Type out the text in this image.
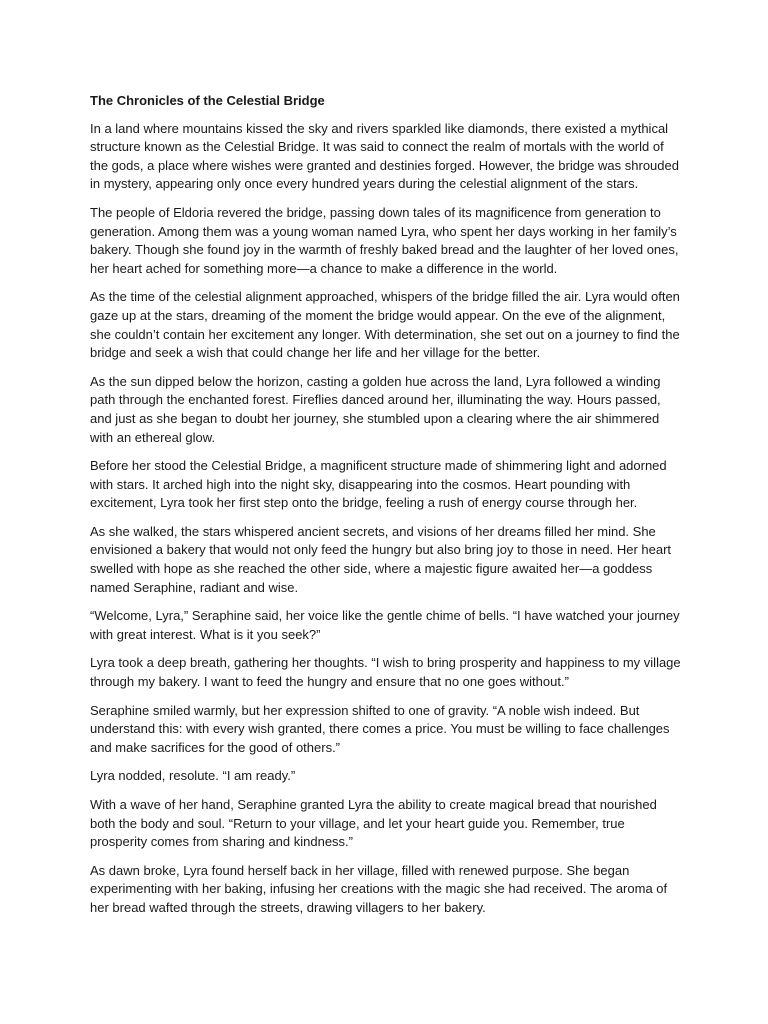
The Chronicles of the Celestial Bridge

In a land where mountains kissed the sky and rivers sparkled like diamonds, there existed a mythical structure known as the Celestial Bridge. It was said to connect the realm of mortals with the world of the gods, a place where wishes were granted and destinies forged. However, the bridge was shrouded in mystery, appearing only once every hundred years during the celestial alignment of the stars.

The people of Eldoria revered the bridge, passing down tales of its magnificence from generation to generation. Among them was a young woman named Lyra, who spent her days working in her family’s bakery. Though she found joy in the warmth of freshly baked bread and the laughter of her loved ones, her heart ached for something more—a chance to make a difference in the world.

As the time of the celestial alignment approached, whispers of the bridge filled the air. Lyra would often gaze up at the stars, dreaming of the moment the bridge would appear. On the eve of the alignment, she couldn’t contain her excitement any longer. With determination, she set out on a journey to find the bridge and seek a wish that could change her life and her village for the better.

As the sun dipped below the horizon, casting a golden hue across the land, Lyra followed a winding path through the enchanted forest. Fireflies danced around her, illuminating the way. Hours passed, and just as she began to doubt her journey, she stumbled upon a clearing where the air shimmered with an ethereal glow.

Before her stood the Celestial Bridge, a magnificent structure made of shimmering light and adorned with stars. It arched high into the night sky, disappearing into the cosmos. Heart pounding with excitement, Lyra took her first step onto the bridge, feeling a rush of energy course through her.

As she walked, the stars whispered ancient secrets, and visions of her dreams filled her mind. She envisioned a bakery that would not only feed the hungry but also bring joy to those in need. Her heart swelled with hope as she reached the other side, where a majestic figure awaited her—a goddess named Seraphine, radiant and wise.

“Welcome, Lyra,” Seraphine said, her voice like the gentle chime of bells. “I have watched your journey with great interest. What is it you seek?”

Lyra took a deep breath, gathering her thoughts. “I wish to bring prosperity and happiness to my village through my bakery. I want to feed the hungry and ensure that no one goes without.”

Seraphine smiled warmly, but her expression shifted to one of gravity. “A noble wish indeed. But understand this: with every wish granted, there comes a price. You must be willing to face challenges and make sacrifices for the good of others.”

Lyra nodded, resolute. “I am ready.”

With a wave of her hand, Seraphine granted Lyra the ability to create magical bread that nourished both the body and soul. “Return to your village, and let your heart guide you. Remember, true prosperity comes from sharing and kindness.”

As dawn broke, Lyra found herself back in her village, filled with renewed purpose. She began experimenting with her baking, infusing her creations with the magic she had received. The aroma of her bread wafted through the streets, drawing villagers to her bakery.
